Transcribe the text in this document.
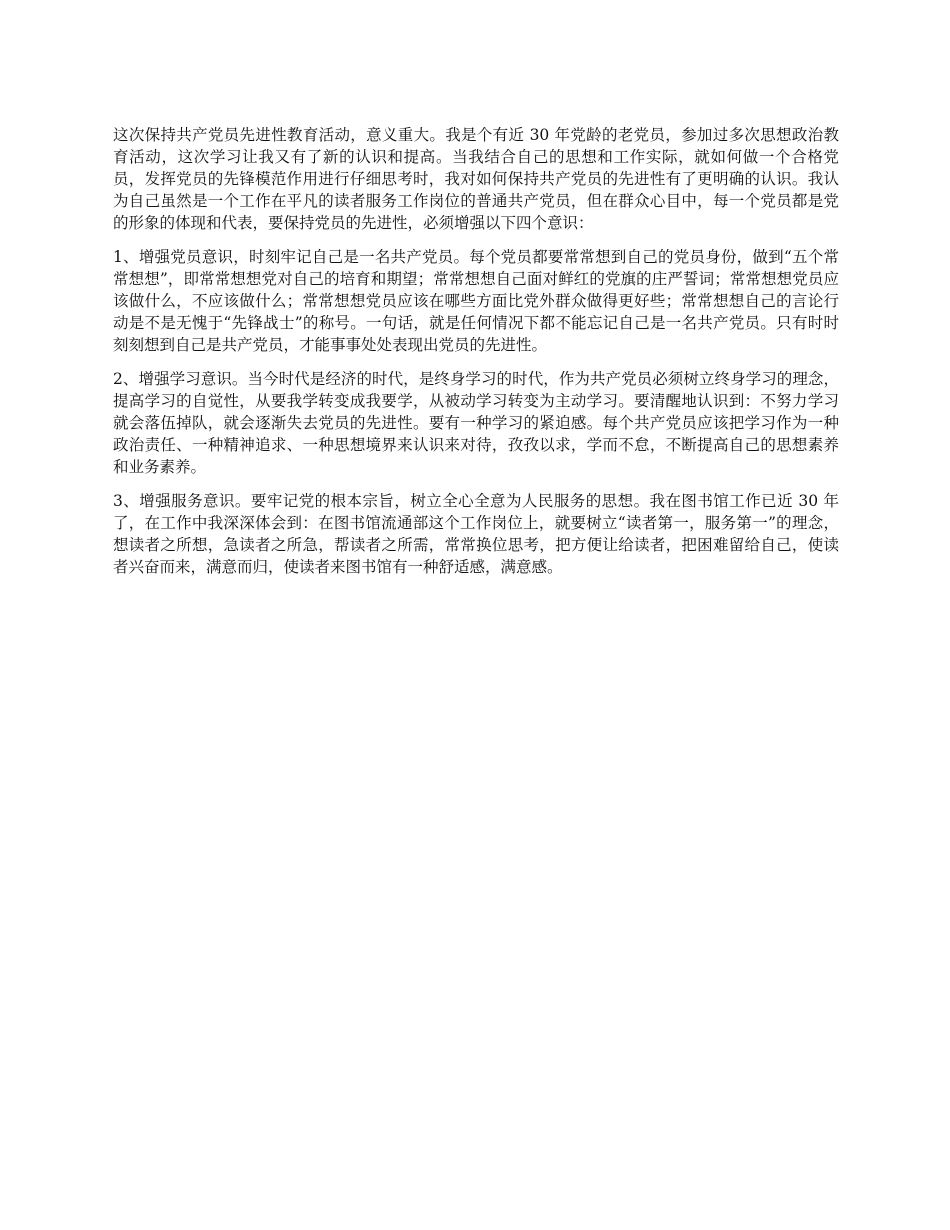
这次保持共产党员先进性教育活动，意义重大。我是个有近 30 年党龄的老党员，参加过多次思想政治教育活动，这次学习让我又有了新的认识和提高。当我结合自己的思想和工作实际，就如何做一个合格党员，发挥党员的先锋模范作用进行仔细思考时，我对如何保持共产党员的先进性有了更明确的认识。我认为自己虽然是一个工作在平凡的读者服务工作岗位的普通共产党员，但在群众心目中，每一个党员都是党的形象的体现和代表，要保持党员的先进性，必须增强以下四个意识：

1、增强党员意识，时刻牢记自己是一名共产党员。每个党员都要常常想到自己的党员身份，做到“五个常常想想”，即常常想想党对自己的培育和期望；常常想想自己面对鲜红的党旗的庄严誓词；常常想想党员应该做什么，不应该做什么；常常想想党员应该在哪些方面比党外群众做得更好些；常常想想自己的言论行动是不是无愧于“先锋战士”的称号。一句话，就是任何情况下都不能忘记自己是一名共产党员。只有时时刻刻想到自己是共产党员，才能事事处处表现出党员的先进性。

2、增强学习意识。当今时代是经济的时代，是终身学习的时代，作为共产党员必须树立终身学习的理念，提高学习的自觉性，从要我学转变成我要学，从被动学习转变为主动学习。要清醒地认识到：不努力学习就会落伍掉队，就会逐渐失去党员的先进性。要有一种学习的紧迫感。每个共产党员应该把学习作为一种政治责任、一种精神追求、一种思想境界来认识来对待，孜孜以求，学而不怠，不断提高自己的思想素养和业务素养。

3、增强服务意识。要牢记党的根本宗旨，树立全心全意为人民服务的思想。我在图书馆工作已近 30 年了，在工作中我深深体会到：在图书馆流通部这个工作岗位上，就要树立“读者第一，服务第一”的理念，想读者之所想，急读者之所急，帮读者之所需，常常换位思考，把方便让给读者，把困难留给自己，使读者兴奋而来，满意而归，使读者来图书馆有一种舒适感，满意感。
